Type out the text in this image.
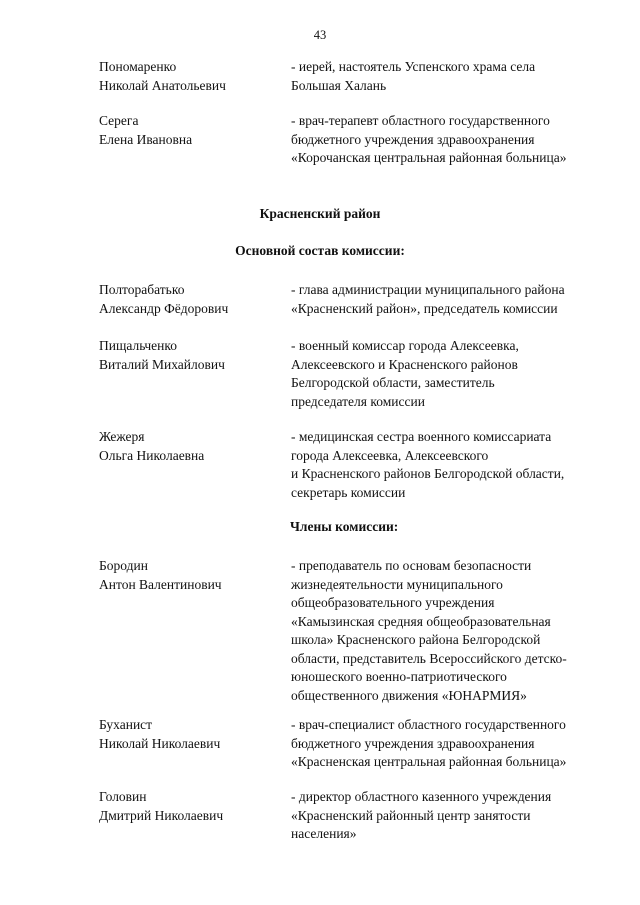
43
Пономаренко
Николай Анатольевич
- иерей, настоятель Успенского храма села
Большая Халань
Серега
Елена Ивановна
- врач-терапевт областного государственного
бюджетного учреждения здравоохранения
«Корочанская центральная районная больница»
Красненский район
Основной состав комиссии:
Полторабатько
Александр Фёдорович
- глава администрации муниципального района
«Красненский район», председатель комиссии
Пищальченко
Виталий Михайлович
- военный комиссар города Алексеевка,
Алексеевского и Красненского районов
Белгородской области, заместитель
председателя комиссии
Жежеря
Ольга Николаевна
- медицинская сестра военного комиссариата
города Алексеевка, Алексеевского
и Красненского районов Белгородской области,
секретарь комиссии
Члены комиссии:
Бородин
Антон Валентинович
- преподаватель по основам безопасности
жизнедеятельности муниципального
общеобразовательного учреждения
«Камызинская средняя общеобразовательная
школа» Красненского района Белгородской
области, представитель Всероссийского детско-
юношеского военно-патриотического
общественного движения «ЮНАРМИЯ»
Буханист
Николай Николаевич
- врач-специалист областного государственного
бюджетного учреждения здравоохранения
«Красненская центральная районная больница»
Головин
Дмитрий Николаевич
- директор областного казенного учреждения
«Красненский районный центр занятости
населения»
